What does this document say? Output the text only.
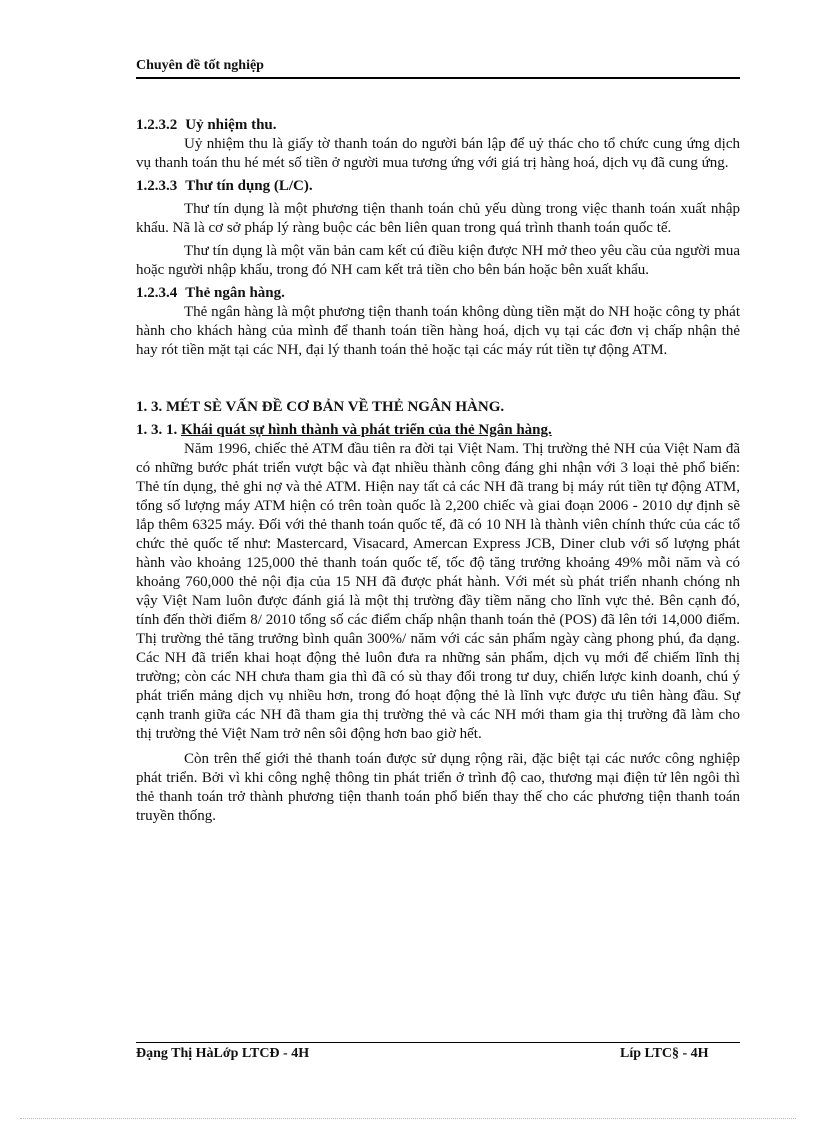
Chuyên đề tốt nghiệp
1.2.3.2 Uỷ nhiệm thu.

Uỷ nhiệm thu là giấy tờ thanh toán do người bán lập để uỷ thác cho tổ chức cung ứng dịch vụ thanh toán thu hé mét số tiền ở người mua tương ứng với giá trị hàng hoá, dịch vụ đã cung ứng.

1.2.3.3 Thư tín dụng (L/C).

Thư tín dụng là một phương tiện thanh toán chủ yếu dùng trong việc thanh toán xuất nhập khẩu. Nã là cơ sở pháp lý ràng buộc các bên liên quan trong quá trình thanh toán quốc tế.

Thư tín dụng là một văn bản cam kết cú điều kiện được NH mở theo yêu cầu của người mua hoặc người nhập khẩu, trong đó NH cam kết trả tiền cho bên bán hoặc bên xuất khẩu.

1.2.3.4 Thẻ ngân hàng.

Thẻ ngân hàng là một phương tiện thanh toán không dùng tiền mặt do NH hoặc công ty phát hành cho khách hàng của mình để thanh toán tiền hàng hoá, dịch vụ tại các đơn vị chấp nhận thẻ hay rót tiền mặt tại các NH, đại lý thanh toán thẻ hoặc tại các máy rút tiền tự động ATM.

1. 3. MÉT SÈ VẤN ĐỀ CƠ BẢN VỀ THẺ NGÂN HÀNG.
1. 3. 1. Khái quát sự hình thành và phát triển của thẻ Ngân hàng.

Năm 1996, chiếc thẻ ATM đầu tiên ra đời tại Việt Nam. Thị trường thẻ NH của Việt Nam đã có những bước phát triển vượt bậc và đạt nhiều thành công đáng ghi nhận với 3 loại thẻ phổ biến: Thẻ tín dụng, thẻ ghi nợ và thẻ ATM. Hiện nay tất cả các NH đã trang bị máy rút tiền tự động ATM, tổng số lượng máy ATM hiện có trên toàn quốc là 2,200 chiếc và giai đoạn 2006 - 2010 dự định sẽ lắp thêm 6325 máy. Đối với thẻ thanh toán quốc tế, đã có 10 NH là thành viên chính thức của các tổ chức thẻ quốc tế như: Mastercard, Visacard, Amercan Express JCB, Diner club với số lượng phát hành vào khoảng 125,000 thẻ thanh toán quốc tế, tốc độ tăng trưởng khoảng 49% mỗi năm và có khoảng 760,000 thẻ nội địa của 15 NH đã được phát hành. Với mét sù phát triển nhanh chóng nh vậy Việt Nam luôn được đánh giá là một thị trường đầy tiềm năng cho lĩnh vực thẻ. Bên cạnh đó, tính đến thời điểm 8/ 2010 tổng số các điểm chấp nhận thanh toán thẻ (POS) đã lên tới 14,000 điểm. Thị trường thẻ tăng trưởng bình quân 300%/ năm với các sản phẩm ngày càng phong phú, đa dạng. Các NH đã triển khai hoạt động thẻ luôn đưa ra những sản phẩm, dịch vụ mới để chiếm lĩnh thị trường; còn các NH chưa tham gia thì đã có sù thay đổi trong tư duy, chiến lược kinh doanh, chú ý phát triển mảng dịch vụ nhiều hơn, trong đó hoạt động thẻ là lĩnh vực được ưu tiên hàng đầu. Sự cạnh tranh giữa các NH đã tham gia thị trường thẻ và các NH mới tham gia thị trường đã làm cho thị trường thẻ Việt Nam trở nên sôi động hơn bao giờ hết.

Còn trên thế giới thẻ thanh toán được sử dụng rộng rãi, đặc biệt tại các nước công nghiệp phát triển. Bởi vì khi công nghệ thông tin phát triển ở trình độ cao, thương mại điện tử lên ngôi thì thẻ thanh toán trở thành phương tiện thanh toán phổ biến thay thế cho các phương tiện thanh toán truyền thống.

Đạng Thị HàLớp LTCĐ - 4H	Líp LTC§ - 4H
